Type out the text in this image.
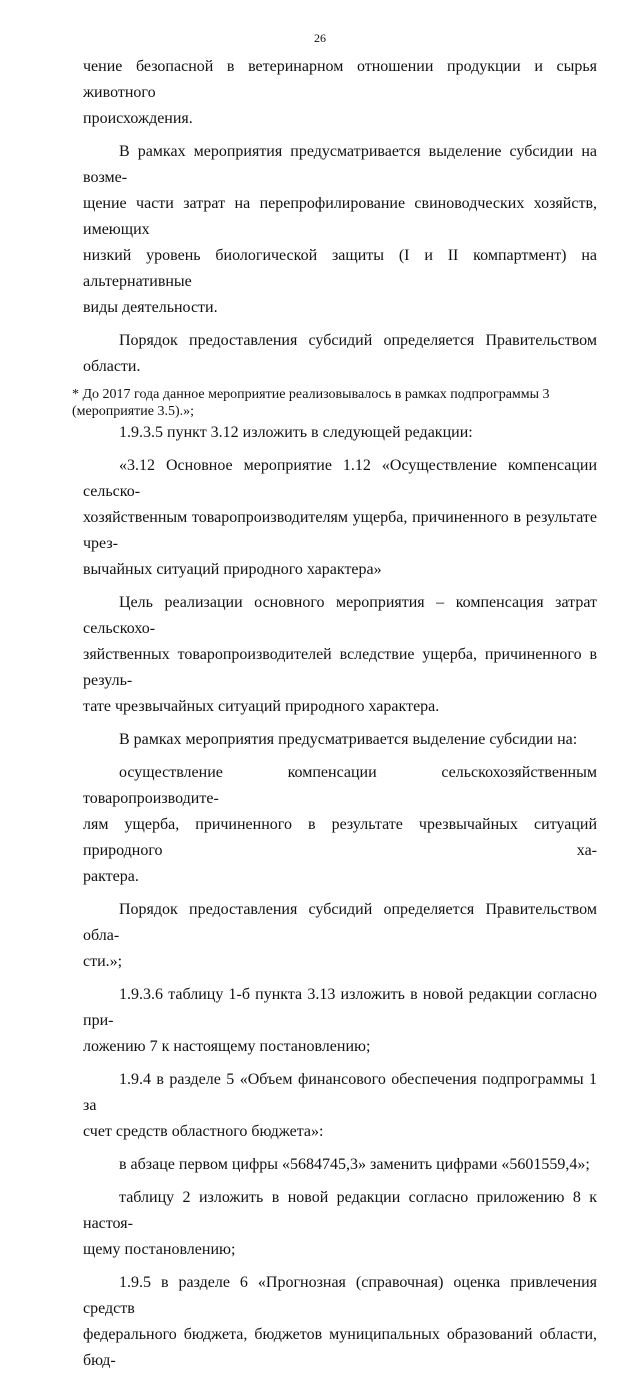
26

чение безопасной в ветеринарном отношении продукции и сырья животного

происхождения.

В рамках мероприятия предусматривается выделение субсидии на возме-

щение части затрат на перепрофилирование свиноводческих хозяйств, имеющих

низкий уровень биологической защиты (I и II компартмент) на альтернативные

виды деятельности.

Порядок предоставления субсидий определяется Правительством области.

* До 2017 года данное мероприятие реализовывалось в рамках подпрограммы 3
(мероприятие 3.5).»;

1.9.3.5 пункт 3.12 изложить в следующей редакции:

«3.12 Основное мероприятие 1.12 «Осуществление компенсации сельско-

хозяйственным товаропроизводителям ущерба, причиненного в результате чрез-

вычайных ситуаций природного характера»

Цель реализации основного мероприятия – компенсация затрат сельскохо-

зяйственных товаропроизводителей вследствие ущерба, причиненного в резуль-

тате чрезвычайных ситуаций природного характера.

В рамках мероприятия предусматривается выделение субсидии на:

осуществление компенсации сельскохозяйственным товаропроизводите-

лям ущерба, причиненного в результате чрезвычайных ситуаций природного ха-

рактера.

Порядок предоставления субсидий определяется Правительством обла-

сти.»;

1.9.3.6 таблицу 1-б пункта 3.13 изложить в новой редакции согласно при-

ложению 7 к настоящему постановлению;

1.9.4 в разделе 5 «Объем финансового обеспечения подпрограммы 1 за

счет средств областного бюджета»:

в абзаце первом цифры «5684745,3» заменить цифрами «5601559,4»;

таблицу 2 изложить в новой редакции согласно приложению 8 к настоя-

щему постановлению;

1.9.5 в разделе 6 «Прогнозная (справочная) оценка привлечения средств

федерального бюджета, бюджетов муниципальных образований области, бюд-
